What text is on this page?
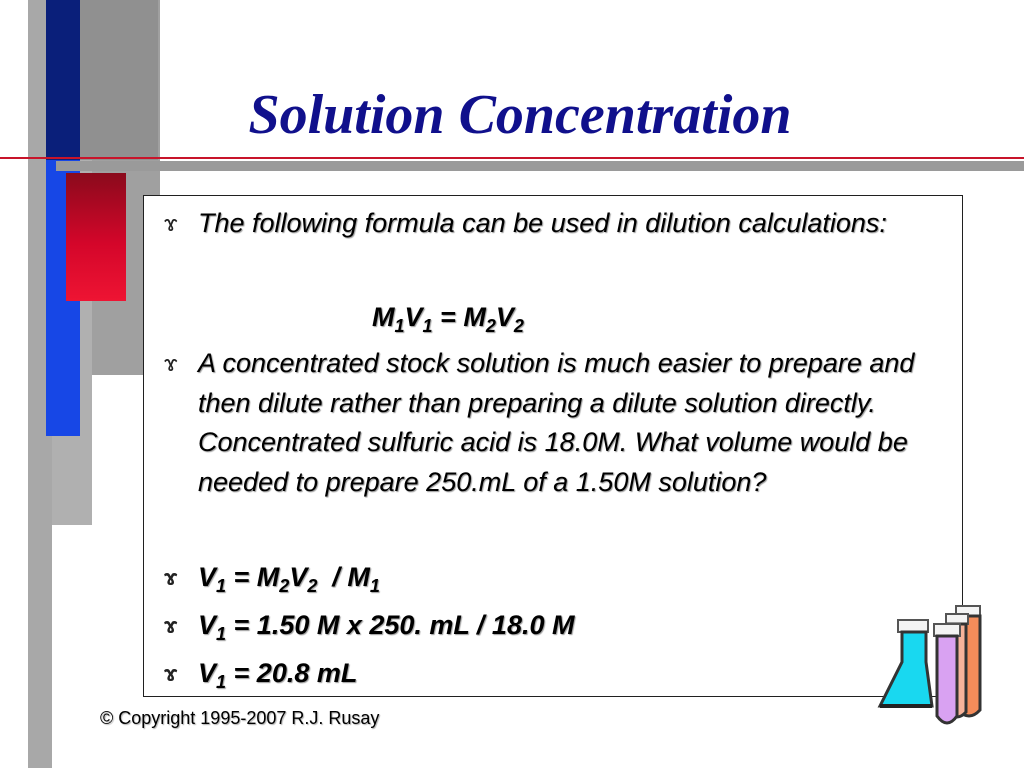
Solution Concentration
ɤ The following formula can be used in dilution calculations:
$M_1V_1 = M_2V_2$
ɤ A concentrated stock solution is much easier to prepare and then dilute rather than preparing a dilute solution directly. Concentrated sulfuric acid is 18.0M. What volume would be needed to prepare 250.mL of a 1.50M solution?
ɤ $V_1 = M_2V_2 / M_1$
ɤ $V_1 = 1.50$ M x 250. mL / 18.0 M
ɤ $V_1 = 20.8$ mL
© Copyright 1995-2007 R.J. Rusay
